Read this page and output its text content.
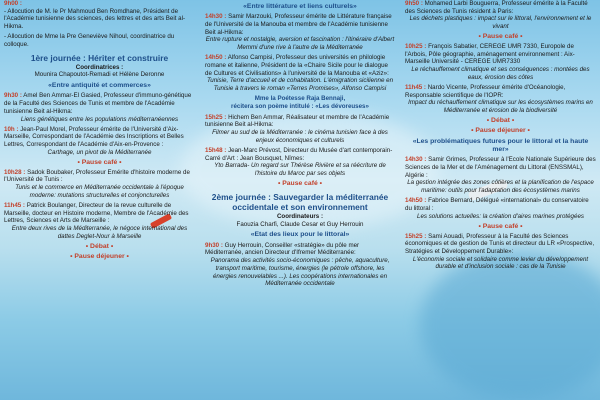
9h00 :
- Allocution de M. le Pr Mahmoud Ben Romdhane, Président de l'Académie tunisienne des sciences, des lettres et des arts Beit al-Hikma.
- Allocution de Mme la Pre Geneviève Nihoul, coordinatrice du colloque.
1ère journée : Hériter et construire
Coordinatrices :
Mounira Chapoutot-Remadi et Hélène Deronne
«Entre antiquité et commerces»
9h30 : Amel Ben Ammar-El Gasied, Professeur d'immuno-génétique de la Faculté des Sciences de Tunis et membre de l'Académie tunisienne Beit al-Hikma:
Liens génétiques entre les populations méditerranéennes
10h : Jean-Paul Morel, Professeur émérite de l'Université d'Aix-Marseille, Correspondant de l'Académie des Inscriptions et Belles Lettres, Correspondant de l'Académie d'Aix-en-Provence :
Carthage, un pivot de la Méditerranée
• Pause café •
10h28 : Sadok Boubaker, Professeur Emérite d'histoire moderne de l'Université de Tunis :
Tunis et le commerce en Méditerranée occidentale à l'époque moderne: mutations structurelles et conjoncturelles
11h45 : Patrick Boulanger, Directeur de la revue culturelle de Marseille, docteur en Histoire moderne, Membre de l'Académie des Lettres, Sciences et Arts de Marseille :
Entre deux rives de la Méditerranée, le négoce international des dattes Deglet-Nour à Marseille
• Débat •
• Pause déjeuner •
«Entre littérature et liens culturels»
14h30 : Samir Marzouki, Professeur émérite de Littérature française de l'Université de la Manouba et membre de l'Académie tunisienne Beit al-Hikma:
Entre rupture et nostalgie, aversion et fascination : l'itinéraire d'Albert Memmi d'une rive à l'autre de la Méditerranée
14h50 : Alfonso Campisi, Professeur des universités en philologie romane et italienne, Président de la «Chaire Sicile pour le dialogue de Cultures et Civilisations» à l'université de la Manouba et «Aziz»:
Tunisie, Terre d'accueil et de cohabitation. L'émigration sicilienne en Tunisie à travers le roman «Terres Promises», Alfonso Campisi
Mme la Poétesse Raja Bennaji,
récitera son poème intitulé : «Les dévoreuses»
15h25 : Hichem Ben Ammar, Réalisateur et membre de l'Académie tunisienne Beit al-Hikma:
Filmer au sud de la Méditerranée : le cinéma tunisien face à des enjeux économiques et culturels
15h48 : Jean-Marc Prévost, Directeur du Musée d'art contemporain-Carré d'Art : Jean Bousquet, Nîmes:
Yto Barrada- Un regard sur Thérèse Rivière et sa réécriture de l'histoire du Maroc par ses objets
• Pause café •
2ème journée : Sauvegarder la méditerranée occidentale et son environnement
Coordinateurs :
Faouzia Charfi, Claude Cesar et Guy Herrouin
«Etat des lieux pour le littoral»
9h30 : Guy Herrouin, Conseiller «stratégie» du pôle mer Méditerranée, ancien Directeur d'Ifremer Méditerranée:
Panorama des activités socio-économiques : pêche, aquaculture, transport maritime, tourisme, énergies (le pétrole offshore, les énergies renouvelables ...). Les coopérations internationales en Méditerranée occidentale
9h50 : Mohamed Larbi Bouguerra, Professeur émérite à la Faculté des Sciences de Tunis résident à Paris:
Les déchets plastiques : impact sur le littoral, l'environnement et le vivant
• Pause café •
10h25 : François Sabatier, CEREGE UMR 7330, Europole de l'Arbois, Pôle géographie, aménagement environnement : Aix-Marseille Université - CEREGE UMR7330
Le réchauffement climatique et ses conséquences : montées des eaux, érosion des côtes
11h45 : Nardo Vicente, Professeur émérite d'Océanologie, Responsable scientifique de l'IOPR:
Impact du réchauffement climatique sur les écosystèmes marins en Méditerranée et érosion de la biodiversité
• Débat •
• Pause déjeuner •
«Les problématiques futures pour le littoral et la haute mer»
14h30 : Samir Grimes, Professeur à l'Ecole Nationale Supérieure des Sciences de la Mer et de l'Aménagement du Littoral (ENSSMAL), Algérie :
La gestion intégrée des zones côtières et la planification de l'espace maritime: outils pour l'adaptation des écosystèmes marins
14h50 : Fabrice Bernard, Délégué «international» du conservatoire du littoral :
Les solutions actuelles: la création d'aires marines protégées
• Pause café •
15h25 : Sami Aouadi, Professeur à la Faculté des Sciences économiques et de gestion de Tunis et directeur du LR «Prospective, Stratégies et Développement Durable»:
L'économie sociale et solidaire comme levier du développement durable et d'inclusion sociale : cas de la Tunisie
